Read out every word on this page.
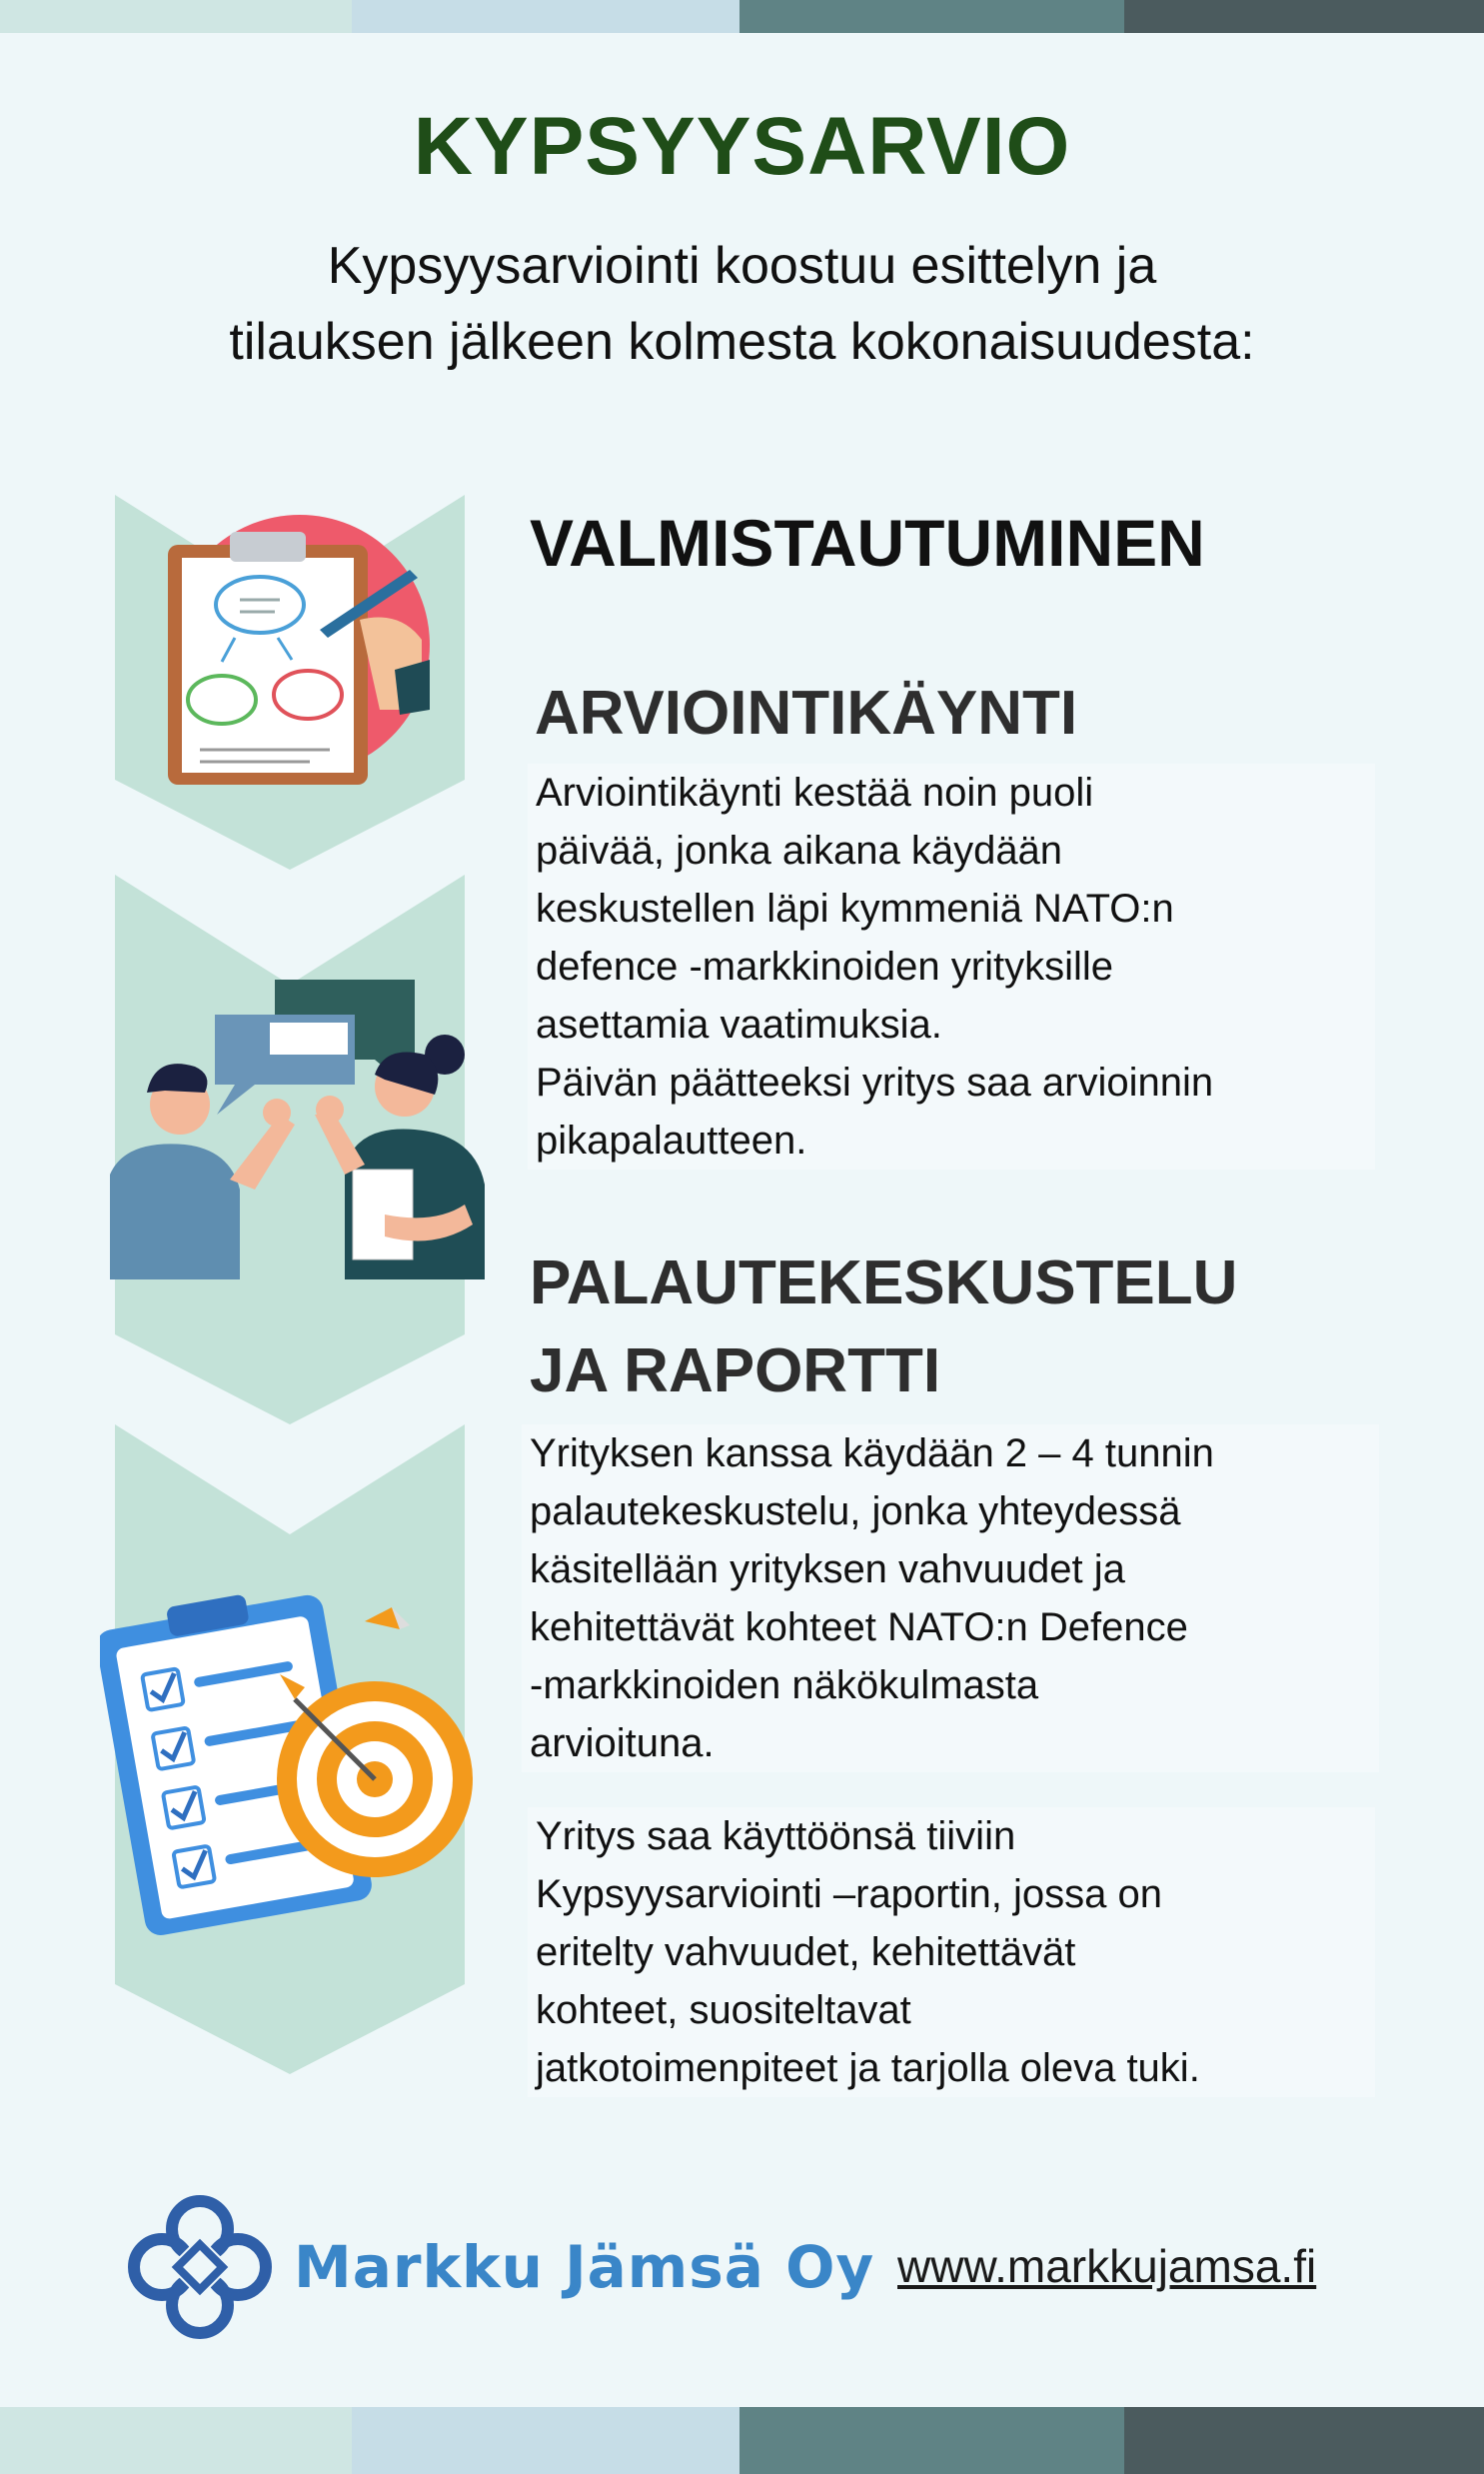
KYPSYYSARVIO
Kypsyysarviointi koostuu esittelyn ja
tilauksen jälkeen kolmesta kokonaisuudesta:
VALMISTAUTUMINEN
ARVIOINTIKÄYNTI
Arviointikäynti kestää noin puoli
päivää, jonka aikana käydään
keskustellen läpi kymmeniä NATO:n
defence -markkinoiden yrityksille
asettamia vaatimuksia.
Päivän päätteeksi yritys saa arvioinnin
pikapalautteen.
PALAUTEKESKUSTELU
JA RAPORTTI
Yrityksen kanssa käydään 2 – 4 tunnin
palautekeskustelu, jonka yhteydessä
käsitellään yrityksen vahvuudet ja
kehitettävät kohteet NATO:n Defence
-markkinoiden näkökulmasta
arvioituna.
Yritys saa käyttöönsä tiiviin
Kypsyysarviointi –raportin, jossa on
eritelty vahvuudet, kehitettävät
kohteet, suositeltavat
jatkotoimenpiteet ja tarjolla oleva tuki.
Markku Jämsä Oy www.markkujamsa.fi
